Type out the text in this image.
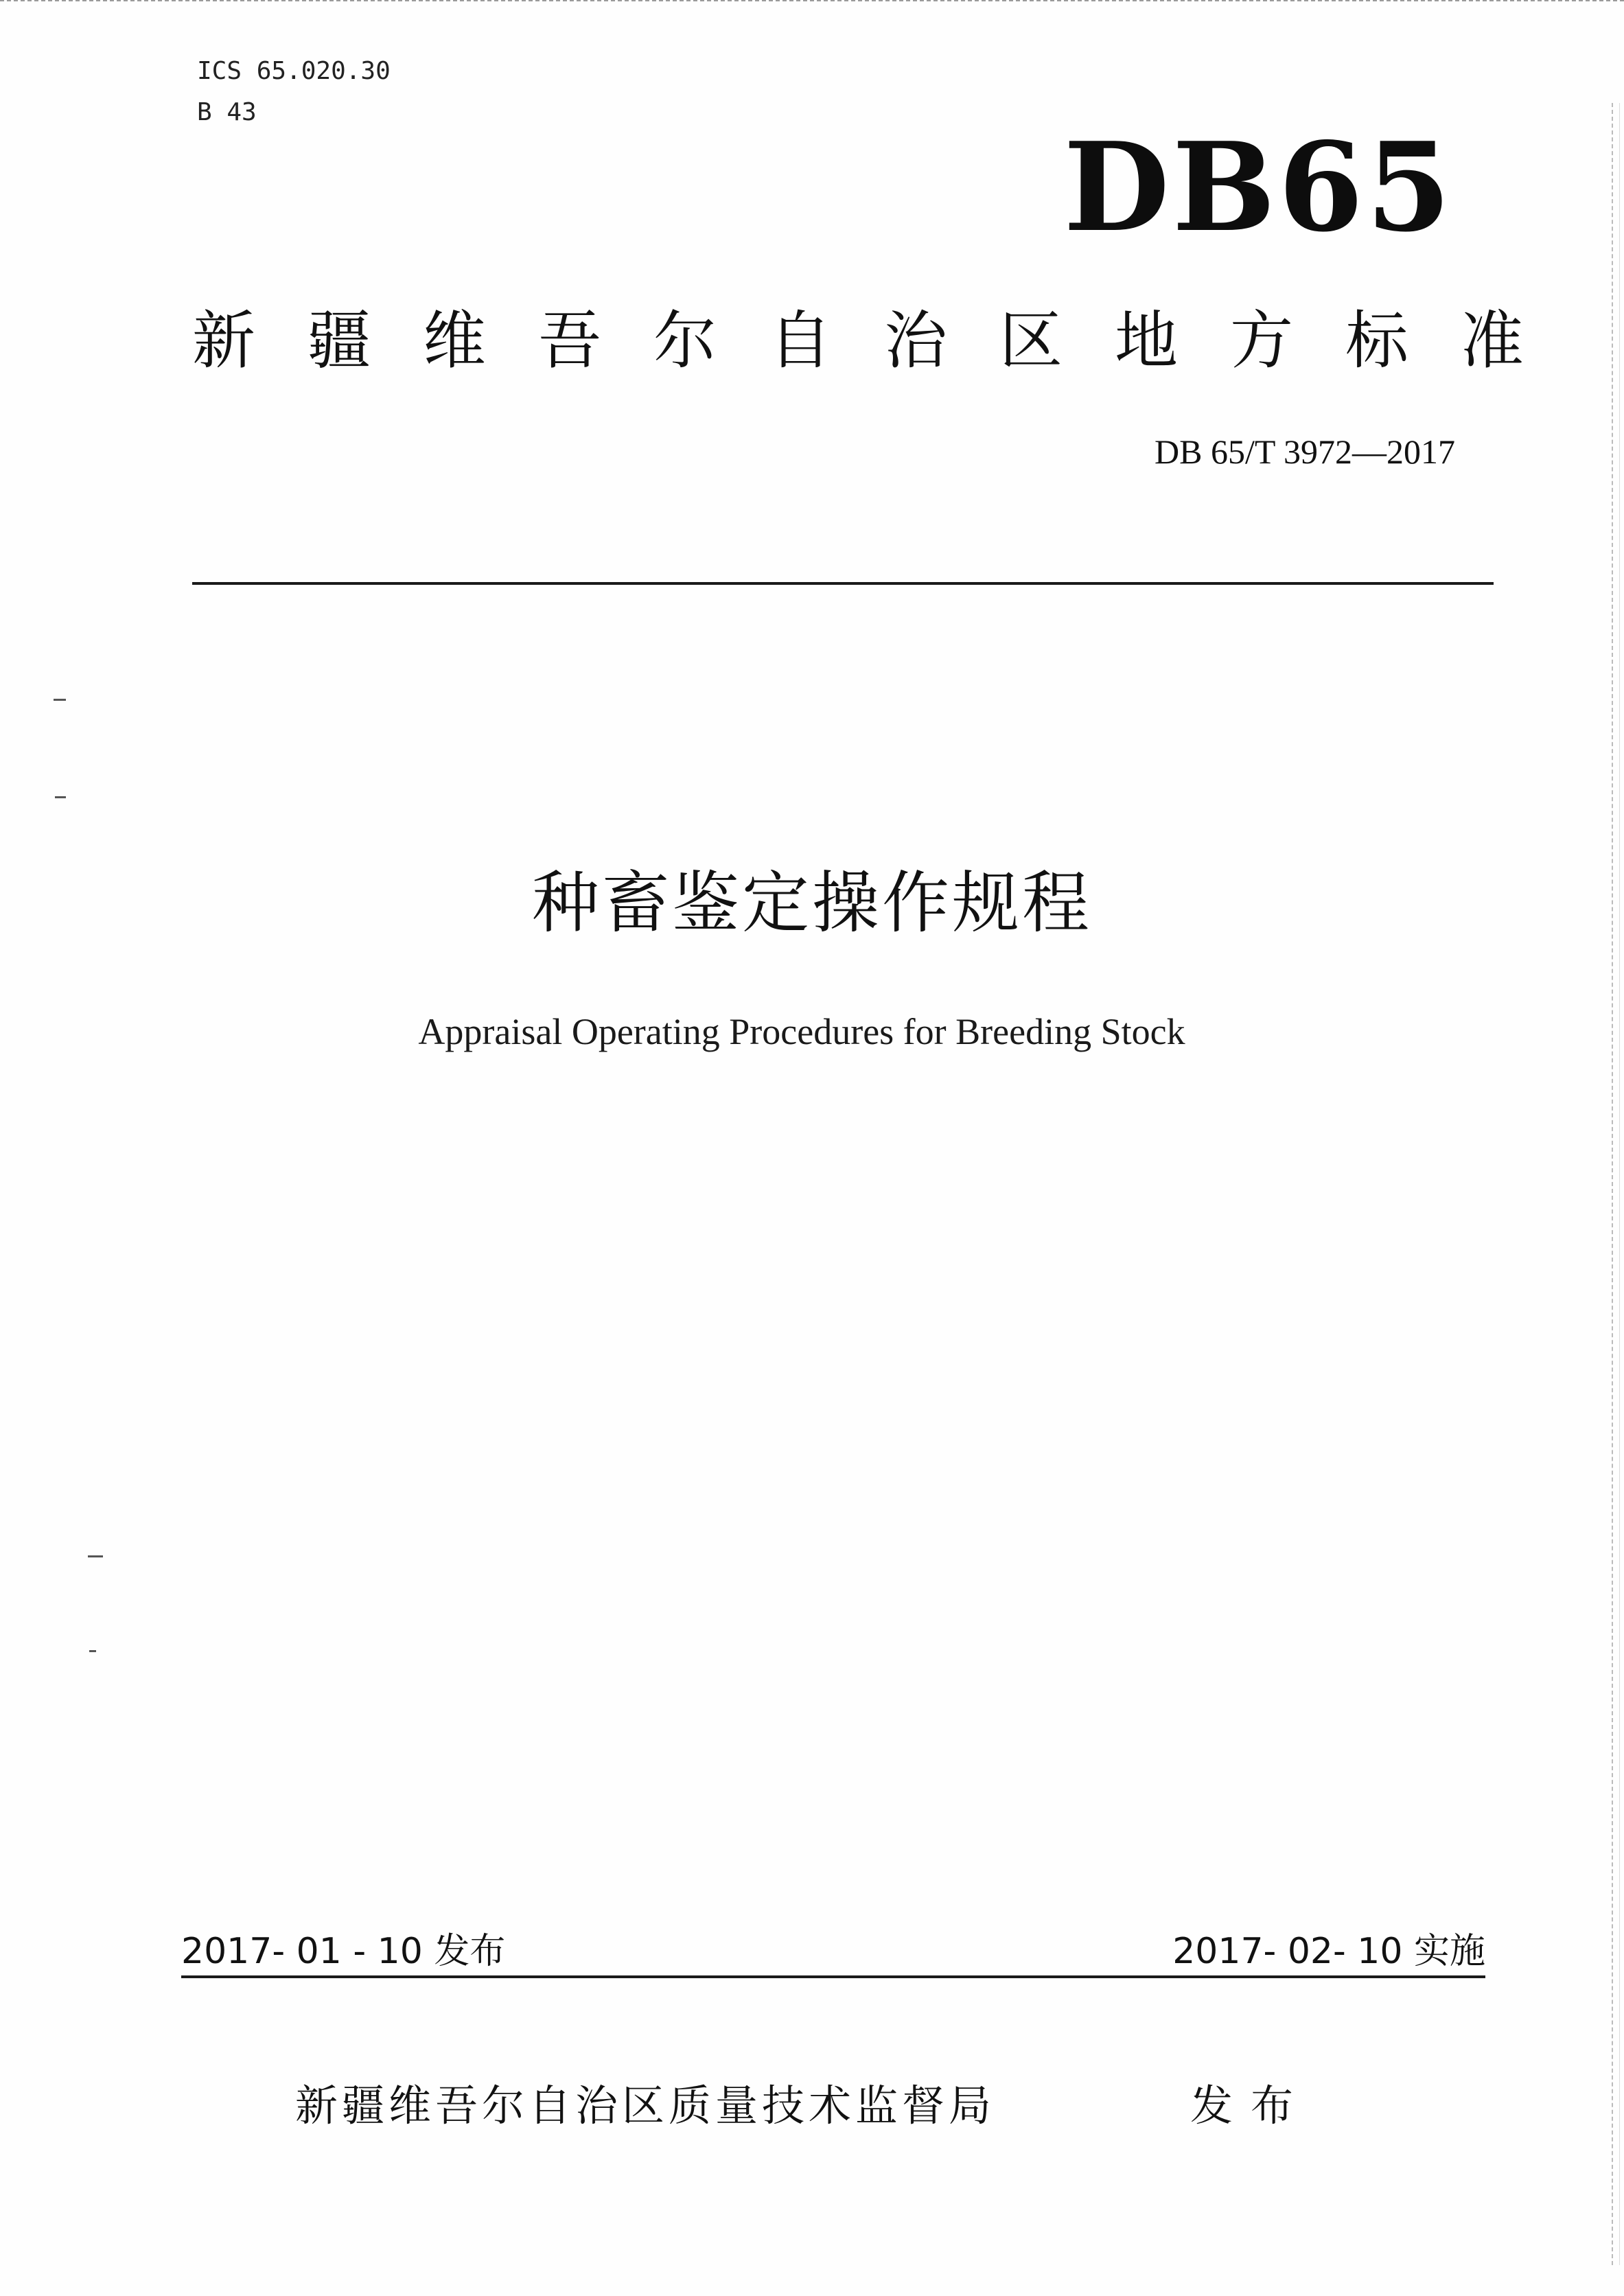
ICS 65.020.30
B 43
DB65
新疆维吾尔自治区地方标准
DB 65/T 3972—2017
种畜鉴定操作规程
Appraisal Operating Procedures for Breeding Stock
2017- 01 - 10 发布	2017- 02- 10 实施
新疆维吾尔自治区质量技术监督局	发布
